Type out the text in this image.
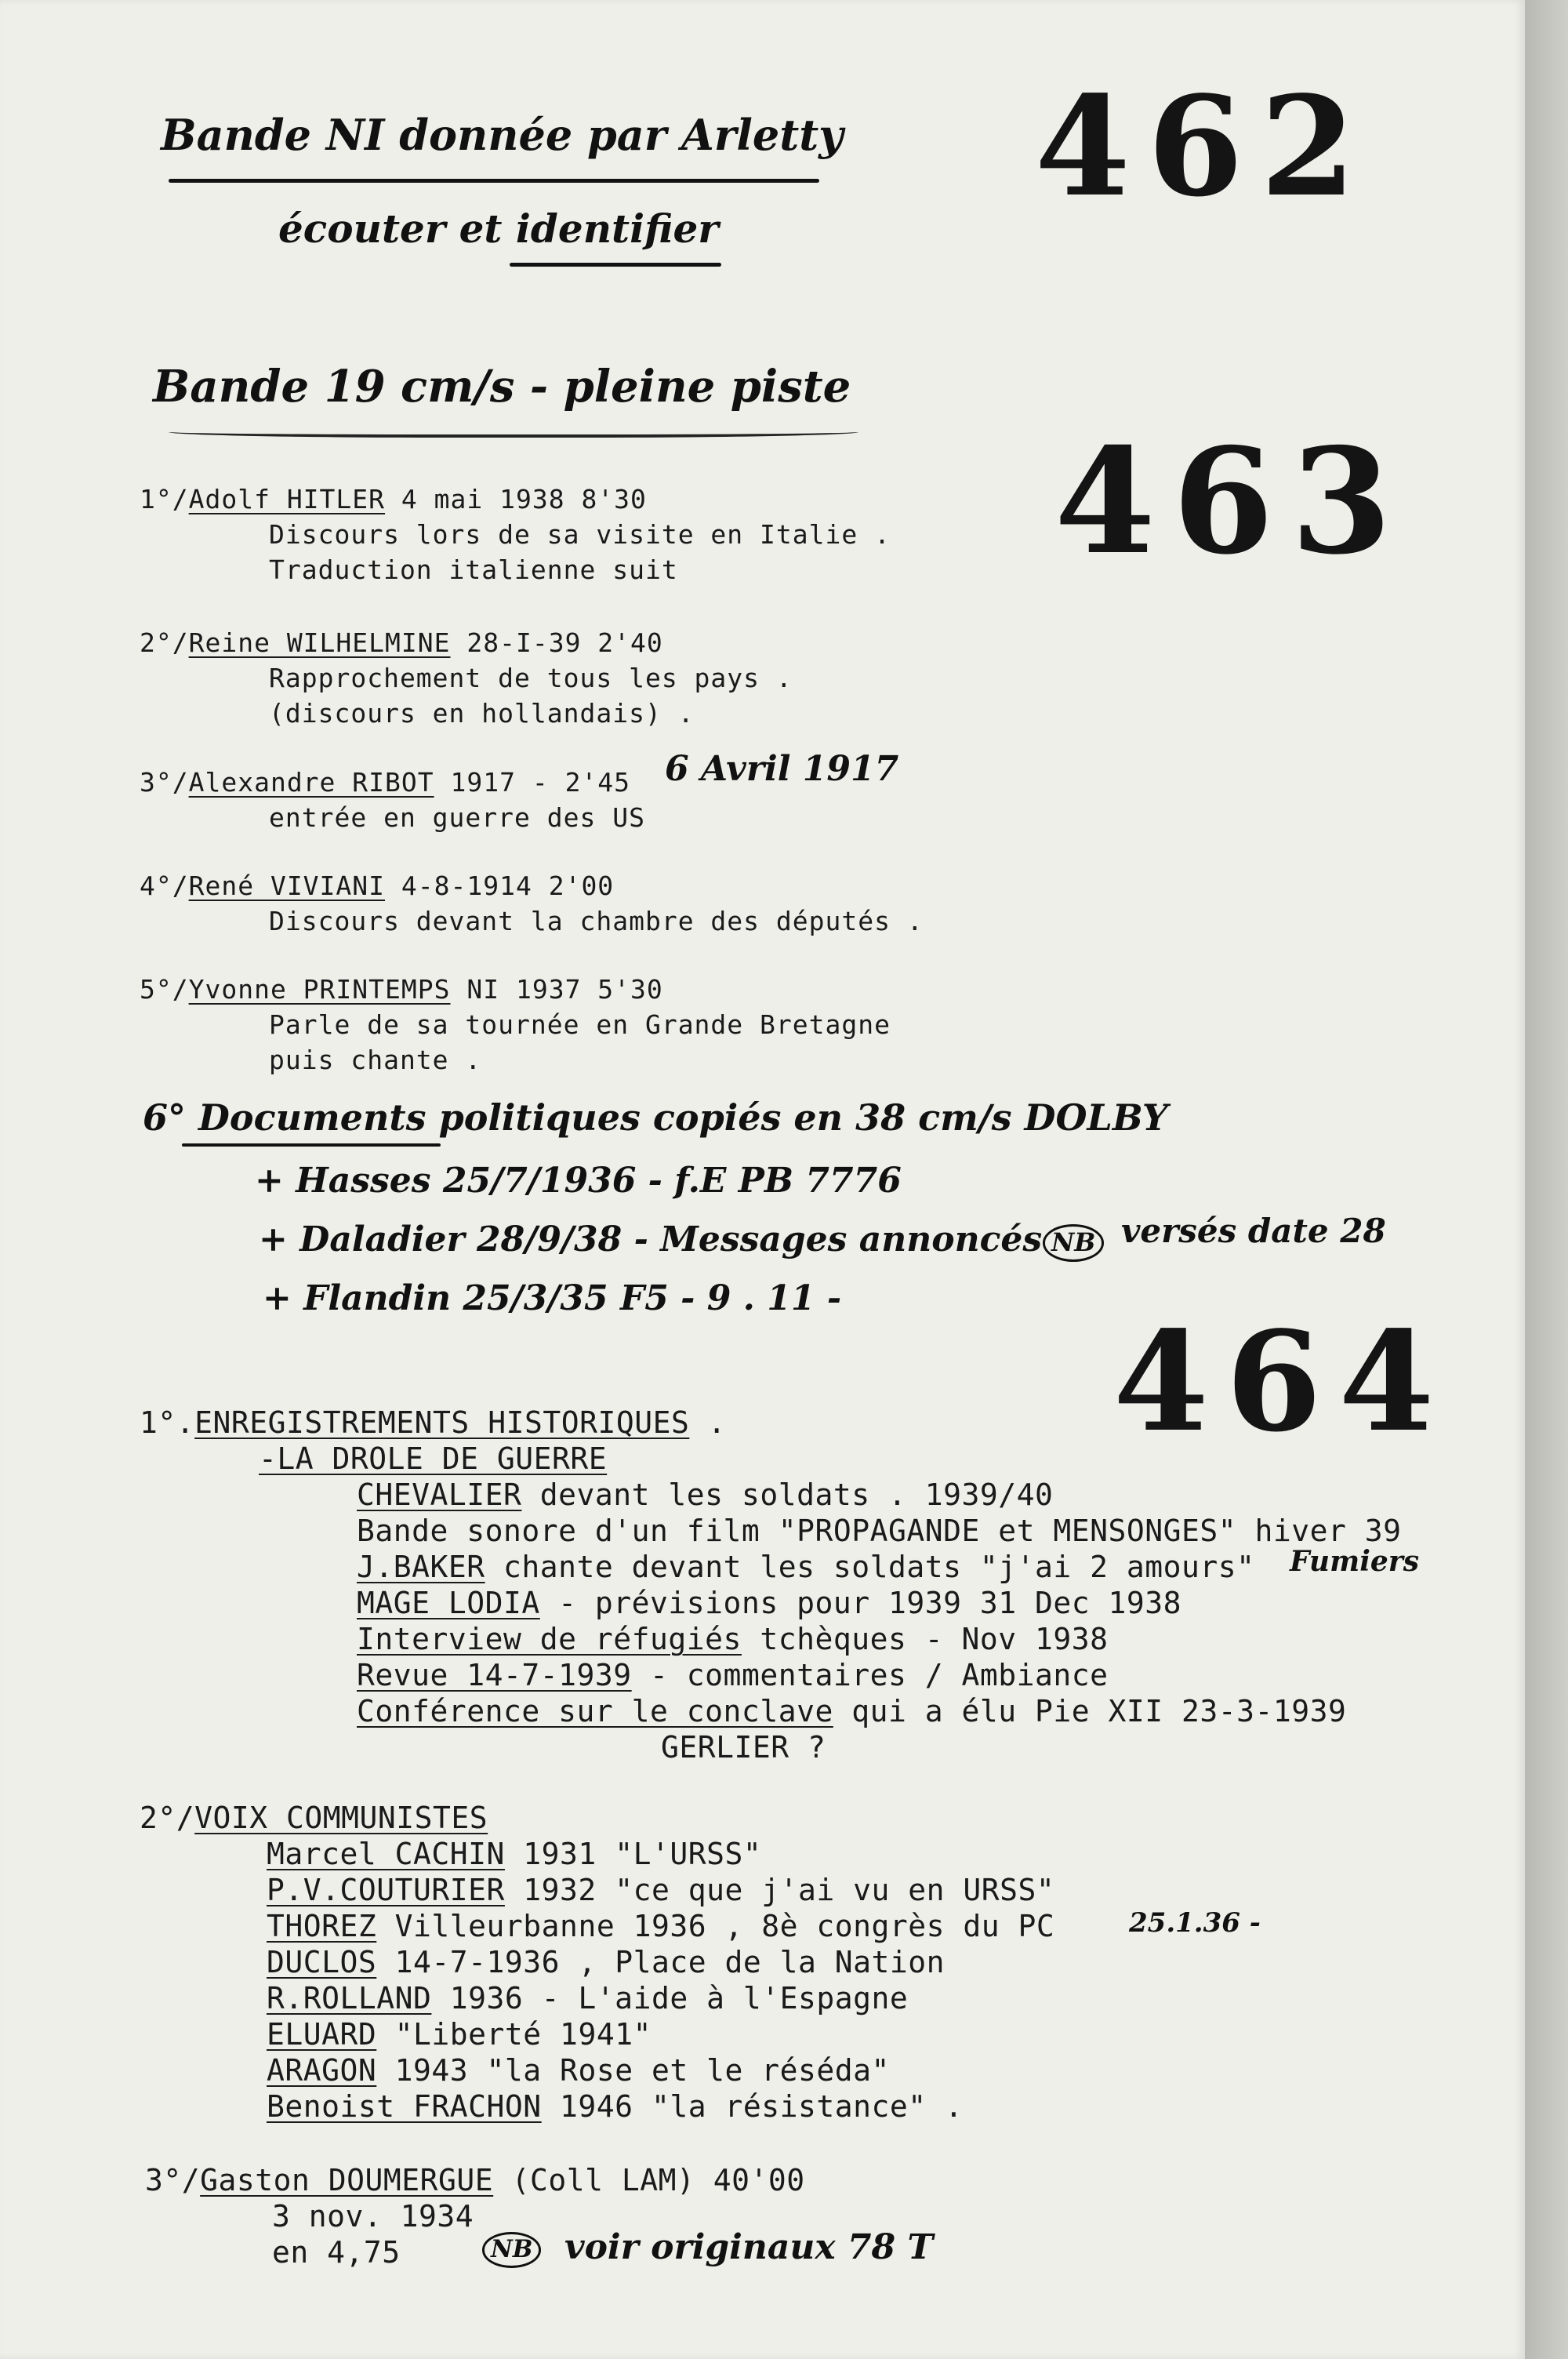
Bande NI donnée par Arletty
écouter et identifier
462
Bande 19 cm/s - pleine piste
463
1°/Adolf HITLER 4 mai 1938 8'30
Discours lors de sa visite en Italie .
Traduction italienne suit
2°/Reine WILHELMINE 28-I-39 2'40
Rapprochement de tous les pays .
(discours en hollandais) .
3°/Alexandre RIBOT 1917 - 2'45 6 Avril 1917
entrée en guerre des US
4°/René VIVIANI 4-8-1914 2'00
Discours devant la chambre des députés .
5°/Yvonne PRINTEMPS NI 1937 5'30
Parle de sa tournée en Grande Bretagne
puis chante .
6° Documents politiques copiés en 38 cm/s DOLBY
+ Hasses 25/7/1936 - f.E PB 7776
+ Daladier 28/9/38 - Messages annoncés NB versés date 28
+ Flandin 25/3/35 F5 - 9 . 11 -
464
1°.ENREGISTREMENTS HISTORIQUES .
-LA DROLE DE GUERRE
CHEVALIER devant les soldats . 1939/40
Bande sonore d'un film "PROPAGANDE et MENSONGES" hiver 39
J.BAKER chante devant les soldats "j'ai 2 amours" Fumiers
MAGE LODIA - prévisions pour 1939 31 Dec 1938
Interview de réfugiés tchèques - Nov 1938
Revue 14-7-1939 - commentaires / Ambiance
Conférence sur le conclave qui a élu Pie XII 23-3-1939
GERLIER ?
2°/VOIX COMMUNISTES
Marcel CACHIN 1931 "L'URSS"
P.V.COUTURIER 1932 "ce que j'ai vu en URSS"
THOREZ Villeurbanne 1936 , 8è congrès du PC	25.1.36 -
DUCLOS 14-7-1936 , Place de la Nation
R.ROLLAND 1936 - L'aide à l'Espagne
ELUARD "Liberté 1941"
ARAGON 1943 "la Rose et le réséda"
Benoist FRACHON 1946 "la résistance" .
3°/Gaston DOUMERGUE (Coll LAM) 40'00
3 nov. 1934
en 4,75	NB voir originaux 78 T
